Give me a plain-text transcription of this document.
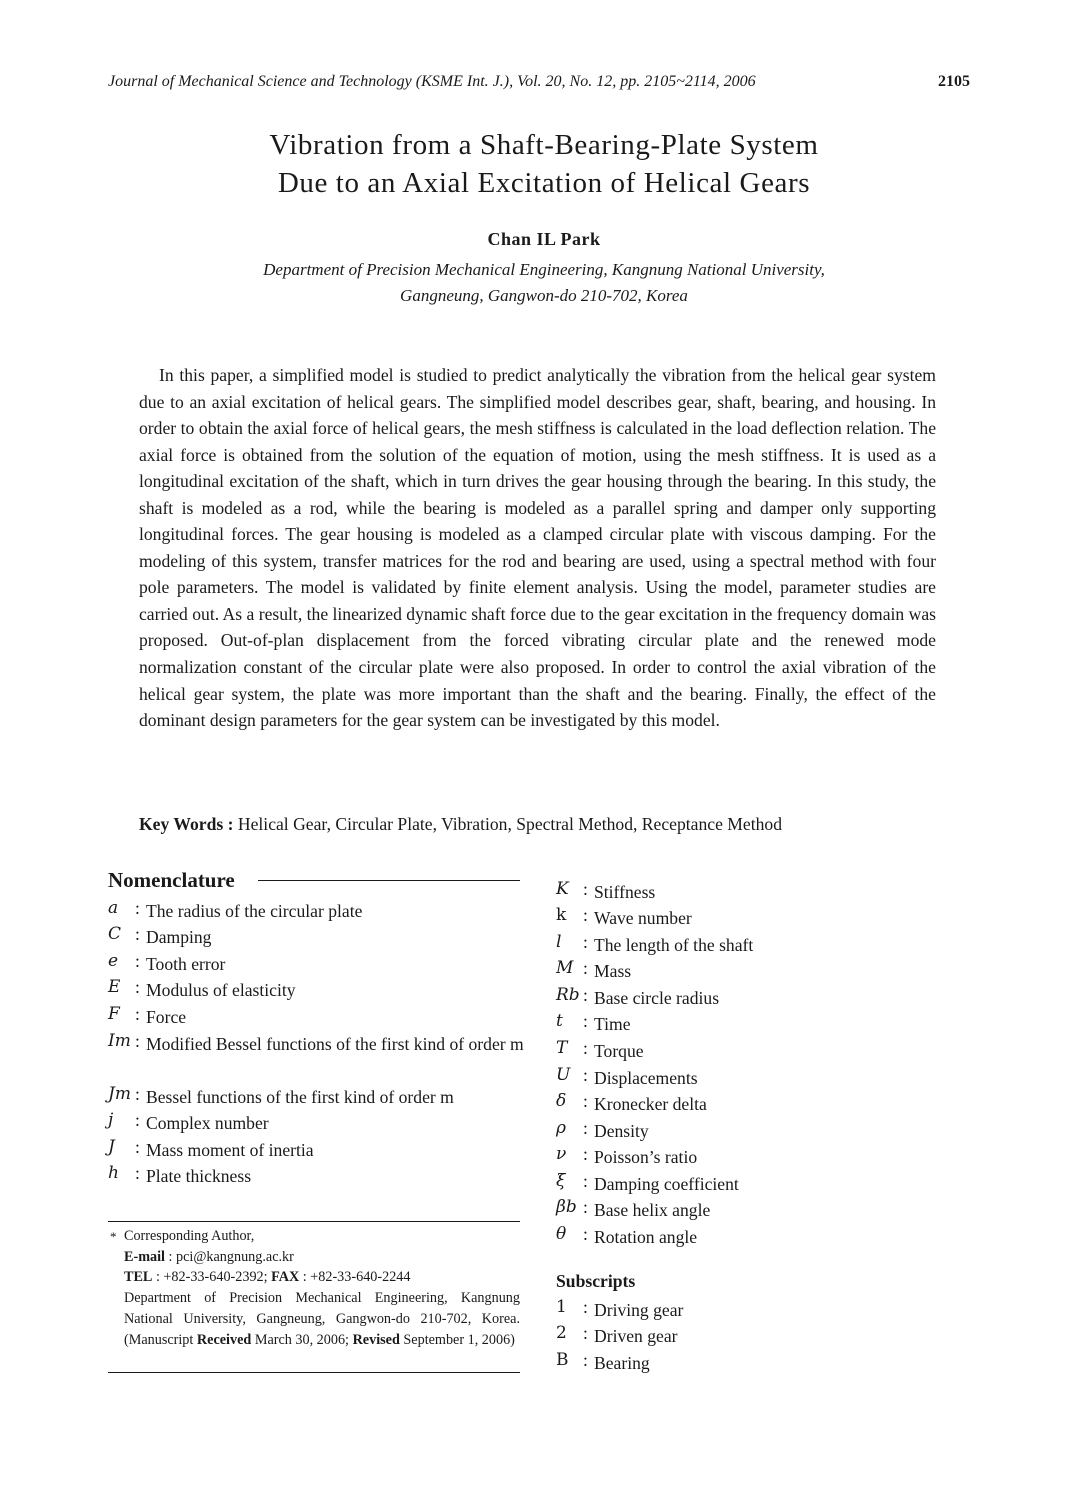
Journal of Mechanical Science and Technology (KSME Int. J.), Vol. 20, No. 12, pp. 2105~2114, 2006	2105
Vibration from a Shaft-Bearing-Plate System
Due to an Axial Excitation of Helical Gears
Chan IL Park
Department of Precision Mechanical Engineering, Kangnung National University,
Gangneung, Gangwon-do 210-702, Korea
In this paper, a simplified model is studied to predict analytically the vibration from the helical gear system due to an axial excitation of helical gears. The simplified model describes gear, shaft, bearing, and housing. In order to obtain the axial force of helical gears, the mesh stiffness is calculated in the load deflection relation. The axial force is obtained from the solution of the equation of motion, using the mesh stiffness. It is used as a longitudinal excitation of the shaft, which in turn drives the gear housing through the bearing. In this study, the shaft is modeled as a rod, while the bearing is modeled as a parallel spring and damper only supporting longitudinal forces. The gear housing is modeled as a clamped circular plate with viscous damping. For the modeling of this system, transfer matrices for the rod and bearing are used, using a spectral method with four pole parameters. The model is validated by finite element analysis. Using the model, parameter studies are carried out. As a result, the linearized dynamic shaft force due to the gear excitation in the frequency domain was proposed. Out-of-plan displacement from the forced vibrating circular plate and the renewed mode normalization constant of the circular plate were also proposed. In order to control the axial vibration of the helical gear system, the plate was more important than the shaft and the bearing. Finally, the effect of the dominant design parameters for the gear system can be investigated by this model.
Key Words : Helical Gear, Circular Plate, Vibration, Spectral Method, Receptance Method
Nomenclature
a : The radius of the circular plate
C : Damping
e : Tooth error
E : Modulus of elasticity
F : Force
Im : Modified Bessel functions of the first kind of order m
Jm : Bessel functions of the first kind of order m
j : Complex number
J : Mass moment of inertia
h : Plate thickness
* Corresponding Author,
E-mail : pci@kangnung.ac.kr
TEL : +82-33-640-2392; FAX : +82-33-640-2244
Department of Precision Mechanical Engineering, Kangnung National University, Gangneung, Gangwon-do 210-702, Korea. (Manuscript Received March 30, 2006; Revised September 1, 2006)
K : Stiffness
k : Wave number
l : The length of the shaft
M : Mass
Rb : Base circle radius
t : Time
T : Torque
U : Displacements
δ : Kronecker delta
ρ : Density
ν : Poisson’s ratio
ξ : Damping coefficient
βb : Base helix angle
θ : Rotation angle
Subscripts
1 : Driving gear
2 : Driven gear
B : Bearing
